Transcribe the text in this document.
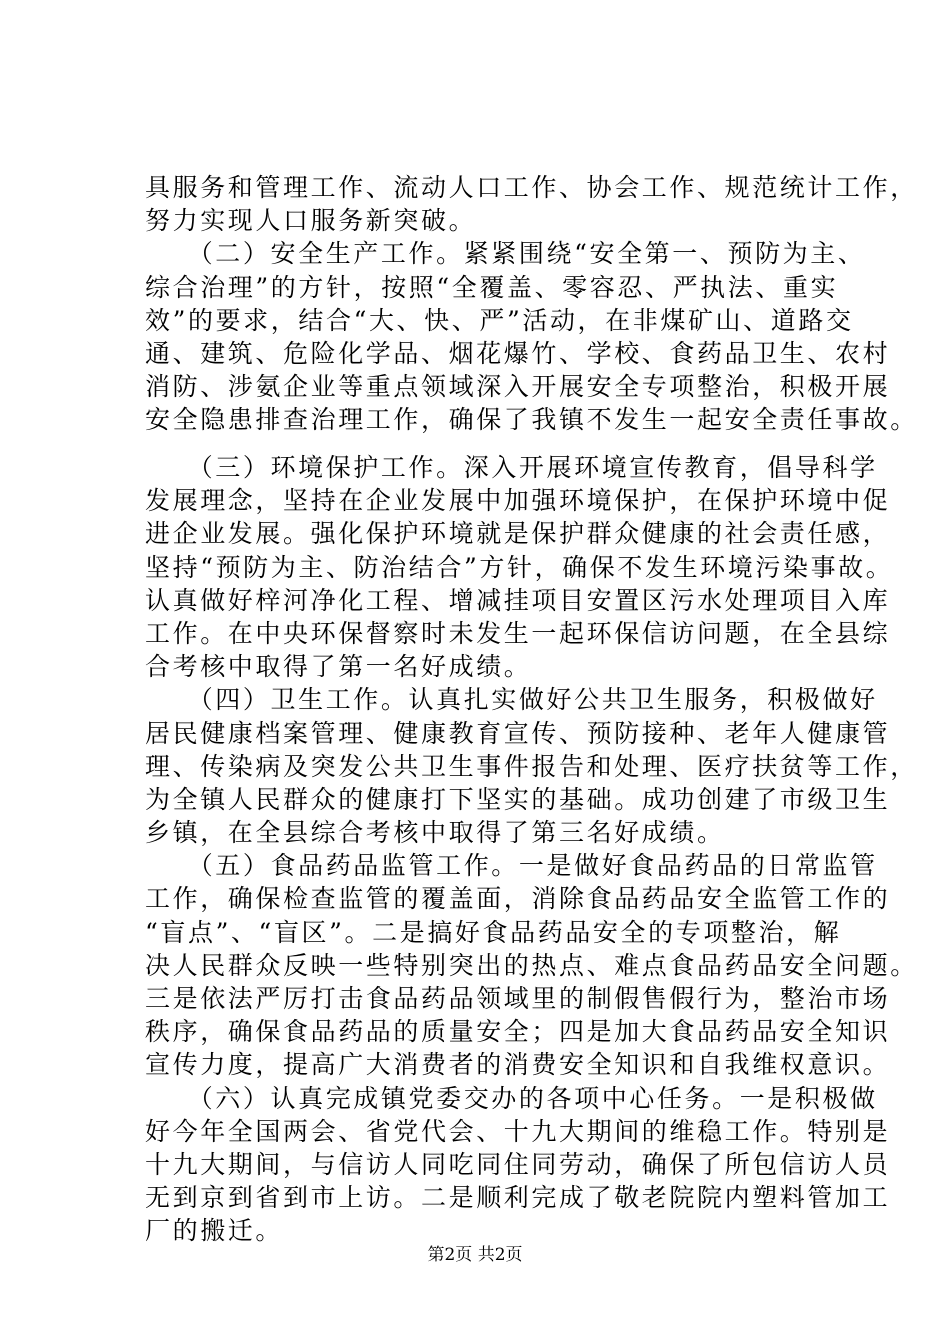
具服务和管理工作、流动人口工作、协会工作、规范统计工作，
努力实现人口服务新突破。
　　（二）安全生产工作。紧紧围绕“安全第一、预防为主、
综合治理”的方针，按照“全覆盖、零容忍、严执法、重实
效”的要求，结合“大、快、严”活动，在非煤矿山、道路交
通、建筑、危险化学品、烟花爆竹、学校、食药品卫生、农村
消防、涉氨企业等重点领域深入开展安全专项整治，积极开展
安全隐患排查治理工作，确保了我镇不发生一起安全责任事故。
　　（三）环境保护工作。深入开展环境宣传教育，倡导科学
发展理念，坚持在企业发展中加强环境保护，在保护环境中促
进企业发展。强化保护环境就是保护群众健康的社会责任感，
坚持“预防为主、防治结合”方针，确保不发生环境污染事故。
认真做好梓河净化工程、增减挂项目安置区污水处理项目入库
工作。在中央环保督察时未发生一起环保信访问题，在全县综
合考核中取得了第一名好成绩。
　　（四）卫生工作。认真扎实做好公共卫生服务，积极做好
居民健康档案管理、健康教育宣传、预防接种、老年人健康管
理、传染病及突发公共卫生事件报告和处理、医疗扶贫等工作，
为全镇人民群众的健康打下坚实的基础。成功创建了市级卫生
乡镇，在全县综合考核中取得了第三名好成绩。
　　（五）食品药品监管工作。一是做好食品药品的日常监管
工作，确保检查监管的覆盖面，消除食品药品安全监管工作的
“盲点”、“盲区”。二是搞好食品药品安全的专项整治，解
决人民群众反映一些特别突出的热点、难点食品药品安全问题。
三是依法严厉打击食品药品领域里的制假售假行为，整治市场
秩序，确保食品药品的质量安全；四是加大食品药品安全知识
宣传力度，提高广大消费者的消费安全知识和自我维权意识。
　　（六）认真完成镇党委交办的各项中心任务。一是积极做
好今年全国两会、省党代会、十九大期间的维稳工作。特别是
十九大期间，与信访人同吃同住同劳动，确保了所包信访人员
无到京到省到市上访。二是顺利完成了敬老院院内塑料管加工
厂的搬迁。
第2页 共2页
